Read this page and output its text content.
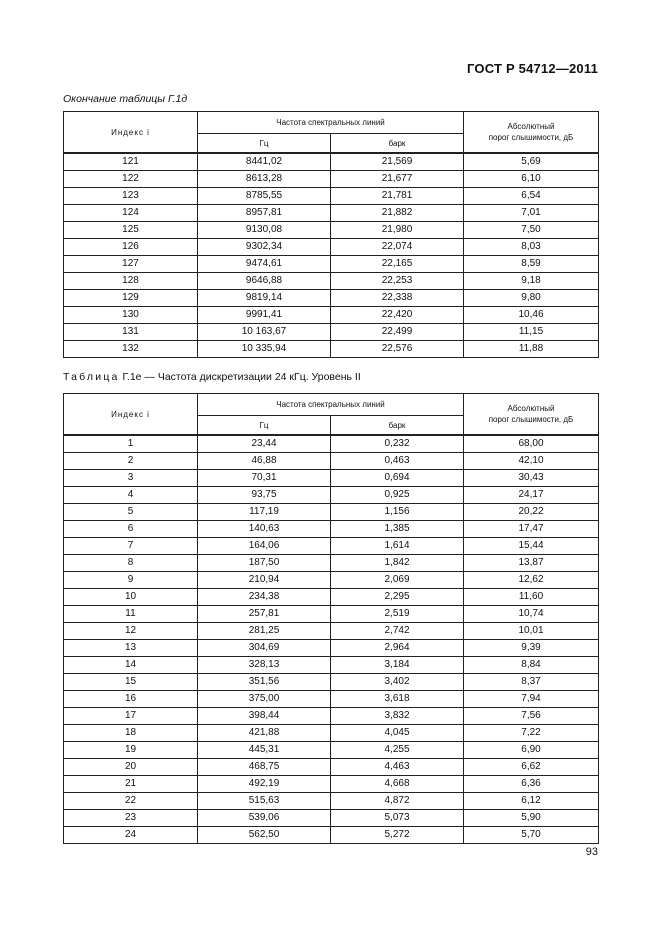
ГОСТ Р 54712—2011
Окончание таблицы Г.1д
Индекс i	Частота спектральных линий		Абсолютный
порог слышимости, дБ
	Гц	барк	
121	8441,02	21,569	5,69
122	8613,28	21,677	6,10
123	8785,55	21,781	6,54
124	8957,81	21,882	7,01
125	9130,08	21,980	7,50
126	9302,34	22,074	8,03
127	9474,61	22,165	8,59
128	9646,88	22,253	9,18
129	9819,14	22,338	9,80
130	9991,41	22,420	10,46
131	10 163,67	22,499	11,15
132	10 335,94	22,576	11,88
Таблица Г.1е — Частота дискретизации 24 кГц. Уровень II
Индекс i	Частота спектральных линий		Абсолютный
порог слышимости, дБ
	Гц	барк	
1	23,44	0,232	68,00
2	46,88	0,463	42,10
3	70,31	0,694	30,43
4	93,75	0,925	24,17
5	117,19	1,156	20,22
6	140,63	1,385	17,47
7	164,06	1,614	15,44
8	187,50	1,842	13,87
9	210,94	2,069	12,62
10	234,38	2,295	11,60
11	257,81	2,519	10,74
12	281,25	2,742	10,01
13	304,69	2,964	9,39
14	328,13	3,184	8,84
15	351,56	3,402	8,37
16	375,00	3,618	7,94
17	398,44	3,832	7,56
18	421,88	4,045	7,22
19	445,31	4,255	6,90
20	468,75	4,463	6,62
21	492,19	4,668	6,36
22	515,63	4,872	6,12
23	539,06	5,073	5,90
24	562,50	5,272	5,70
93
